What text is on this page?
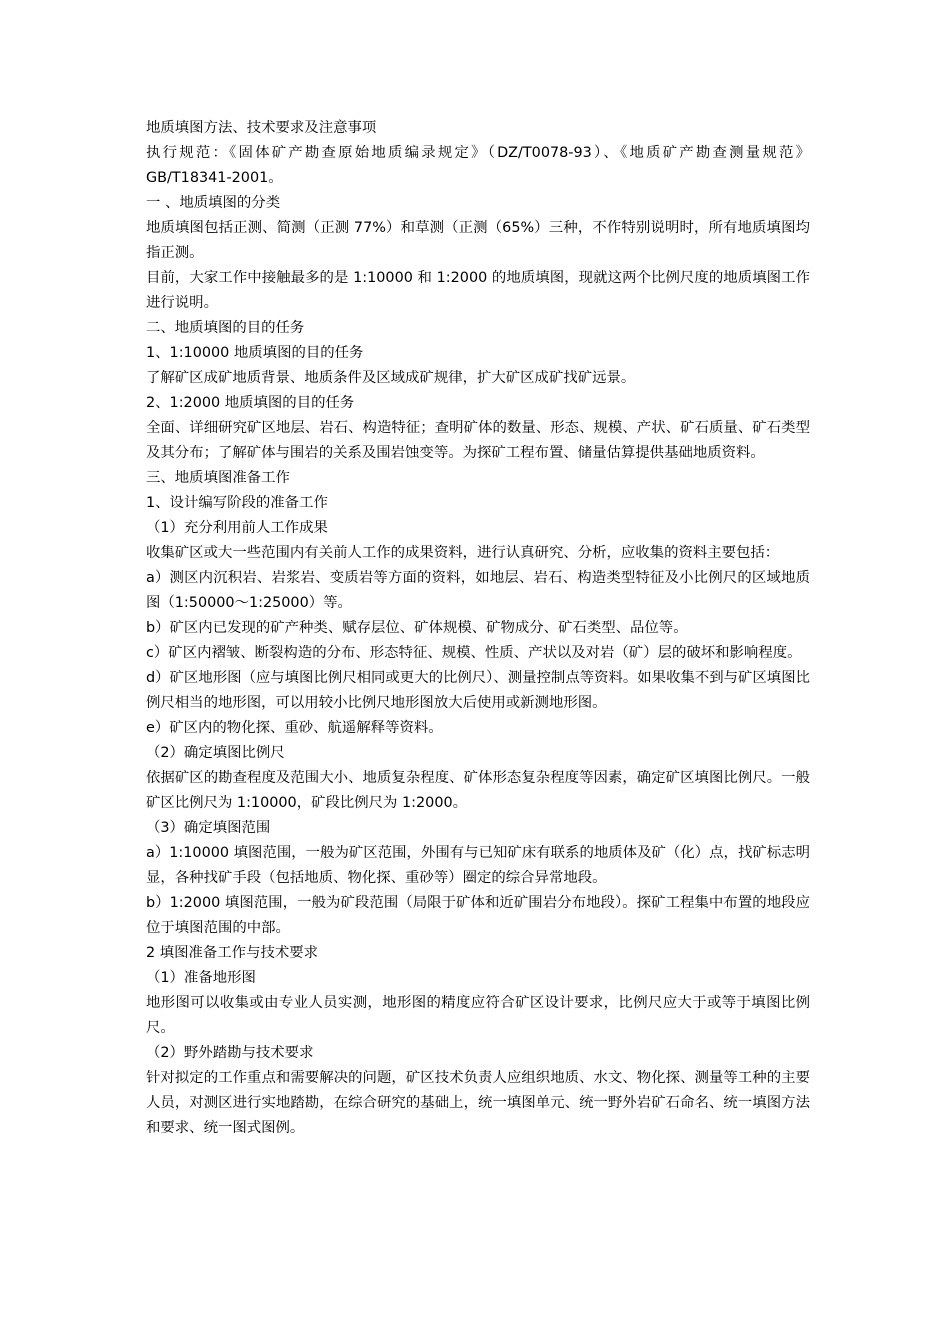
地质填图方法、技术要求及注意事项

执行规范：《固体矿产勘查原始地质编录规定》（DZ/T0078-93）、《地质矿产勘查测量规范》GB/T18341-2001。

一 、地质填图的分类

地质填图包括正测、简测（正测 77%）和草测（正测（65%）三种，不作特别说明时，所有地质填图均指正测。

目前，大家工作中接触最多的是 1:10000 和 1:2000 的地质填图，现就这两个比例尺度的地质填图工作进行说明。

二、地质填图的目的任务

1、1:10000 地质填图的目的任务

了解矿区成矿地质背景、地质条件及区域成矿规律，扩大矿区成矿找矿远景。

2、1:2000 地质填图的目的任务

全面、详细研究矿区地层、岩石、构造特征；查明矿体的数量、形态、规模、产状、矿石质量、矿石类型及其分布；了解矿体与围岩的关系及围岩蚀变等。为探矿工程布置、储量估算提供基础地质资料。

三、地质填图准备工作

1、设计编写阶段的准备工作

（1）充分利用前人工作成果

收集矿区或大一些范围内有关前人工作的成果资料，进行认真研究、分析，应收集的资料主要包括：

a）测区内沉积岩、岩浆岩、变质岩等方面的资料，如地层、岩石、构造类型特征及小比例尺的区域地质图（1:50000～1:25000）等。

b）矿区内已发现的矿产种类、赋存层位、矿体规模、矿物成分、矿石类型、品位等。

c）矿区内褶皱、断裂构造的分布、形态特征、规模、性质、产状以及对岩（矿）层的破坏和影响程度。

d）矿区地形图（应与填图比例尺相同或更大的比例尺）、测量控制点等资料。如果收集不到与矿区填图比例尺相当的地形图，可以用较小比例尺地形图放大后使用或新测地形图。

e）矿区内的物化探、重砂、航遥解释等资料。

（2）确定填图比例尺

依据矿区的勘查程度及范围大小、地质复杂程度、矿体形态复杂程度等因素，确定矿区填图比例尺。一般矿区比例尺为 1:10000，矿段比例尺为 1:2000。

（3）确定填图范围

a）1:10000 填图范围，一般为矿区范围，外围有与已知矿床有联系的地质体及矿（化）点，找矿标志明显，各种找矿手段（包括地质、物化探、重砂等）圈定的综合异常地段。

b）1:2000 填图范围，一般为矿段范围（局限于矿体和近矿围岩分布地段）。探矿工程集中布置的地段应位于填图范围的中部。

2 填图准备工作与技术要求

（1）准备地形图

地形图可以收集或由专业人员实测，地形图的精度应符合矿区设计要求，比例尺应大于或等于填图比例尺。

（2）野外踏勘与技术要求

针对拟定的工作重点和需要解决的问题，矿区技术负责人应组织地质、水文、物化探、测量等工种的主要人员，对测区进行实地踏勘，在综合研究的基础上，统一填图单元、统一野外岩矿石命名、统一填图方法和要求、统一图式图例。
